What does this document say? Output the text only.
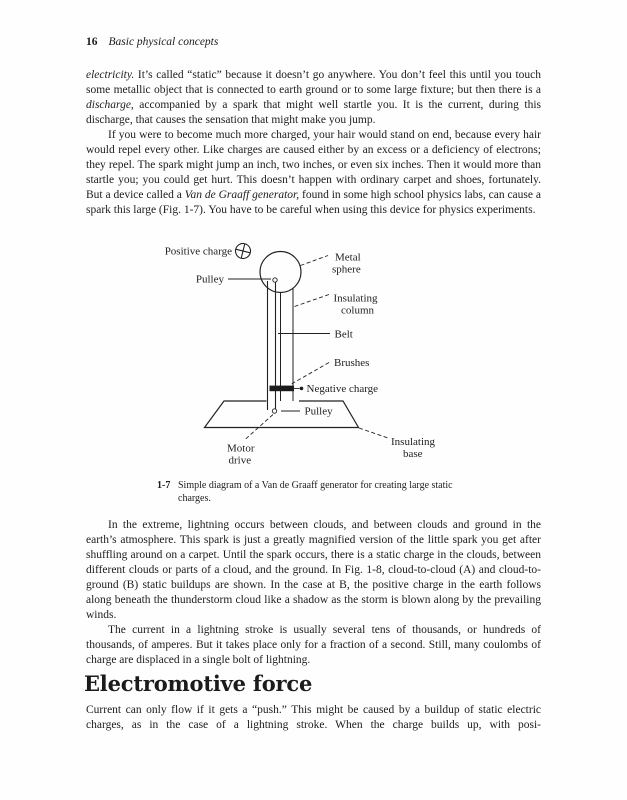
16 Basic physical concepts

electricity. It’s called “static” because it doesn’t go anywhere. You don’t feel this until you touch some metallic object that is connected to earth ground or to some large fixture; but then there is a discharge, accompanied by a spark that might well startle you. It is the current, during this discharge, that causes the sensation that might make you jump.

If you were to become much more charged, your hair would stand on end, because every hair would repel every other. Like charges are caused either by an excess or a deficiency of electrons; they repel. The spark might jump an inch, two inches, or even six inches. Then it would more than startle you; you could get hurt. This doesn’t happen with ordinary carpet and shoes, fortunately. But a device called a Van de Graaff generator, found in some high school physics labs, can cause a spark this large (Fig. 1-7). You have to be careful when using this device for physics experiments.

Positive charge
Pulley
Metal
sphere
Insulating
column
Belt
Brushes
Negative charge
Pulley
Motor
drive
Insulating
base
1-7 Simple diagram of a Van de Graaff generator for creating large static charges.

In the extreme, lightning occurs between clouds, and between clouds and ground in the earth’s atmosphere. This spark is just a greatly magnified version of the little spark you get after shuffling around on a carpet. Until the spark occurs, there is a static charge in the clouds, between different clouds or parts of a cloud, and the ground. In Fig. 1-8, cloud-to-cloud (A) and cloud-to-ground (B) static buildups are shown. In the case at B, the positive charge in the earth follows along beneath the thunderstorm cloud like a shadow as the storm is blown along by the prevailing winds.

The current in a lightning stroke is usually several tens of thousands, or hundreds of thousands, of amperes. But it takes place only for a fraction of a second. Still, many coulombs of charge are displaced in a single bolt of lightning.

Electromotive force

Current can only flow if it gets a “push.” This might be caused by a buildup of static electric charges, as in the case of a lightning stroke. When the charge builds up, with posi-
